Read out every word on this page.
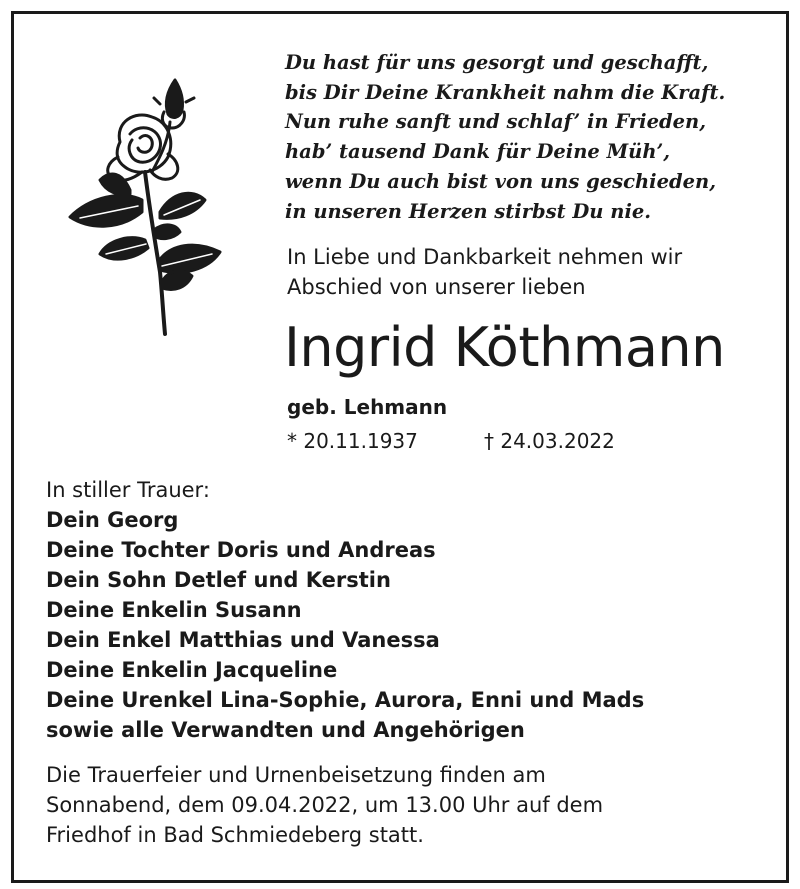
Du hast für uns gesorgt und geschafft,
bis Dir Deine Krankheit nahm die Kraft.
Nun ruhe sanft und schlaf’ in Frieden,
hab’ tausend Dank für Deine Müh’,
wenn Du auch bist von uns geschieden,
in unseren Herzen stirbst Du nie.
In Liebe und Dankbarkeit nehmen wir
Abschied von unserer lieben
Ingrid Köthmann
geb. Lehmann
* 20.11.1937	† 24.03.2022
In stiller Trauer:
Dein Georg
Deine Tochter Doris und Andreas
Dein Sohn Detlef und Kerstin
Deine Enkelin Susann
Dein Enkel Matthias und Vanessa
Deine Enkelin Jacqueline
Deine Urenkel Lina-Sophie, Aurora, Enni und Mads
sowie alle Verwandten und Angehörigen
Die Trauerfeier und Urnenbeisetzung finden am
Sonnabend, dem 09.04.2022, um 13.00 Uhr auf dem
Friedhof in Bad Schmiedeberg statt.
